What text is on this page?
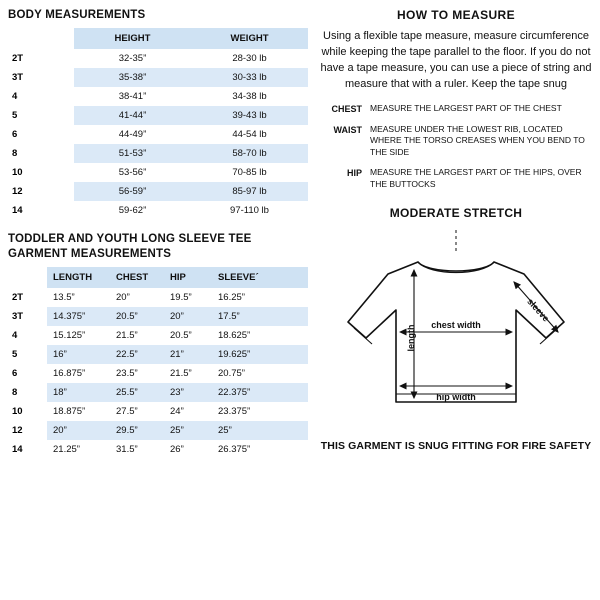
BODY MEASUREMENTS
	HEIGHT	WEIGHT
2T	32-35”	28-30 lb
3T	35-38”	30-33 lb
4	38-41”	34-38 lb
5	41-44”	39-43 lb
6	44-49”	44-54 lb
8	51-53”	58-70 lb
10	53-56”	70-85 lb
12	56-59”	85-97 lb
14	59-62”	97-110 lb
TODDLER AND YOUTH LONG SLEEVE TEE GARMENT MEASUREMENTS
	LENGTH	CHEST	HIP	SLEEVE´
2T	13.5”	20”	19.5”	16.25”
3T	14.375”	20.5”	20”	17.5”
4	15.125”	21.5”	20.5”	18.625”
5	16”	22.5”	21”	19.625”
6	16.875”	23.5”	21.5”	20.75”
8	18”	25.5”	23”	22.375”
10	18.875”	27.5”	24”	23.375”
12	20”	29.5”	25”	25”
14	21.25”	31.5”	26”	26.375”
HOW TO MEASURE
Using a flexible tape measure, measure circumference while keeping the tape parallel to the floor. If you do not have a tape measure, you can use a piece of string and measure that with a ruler. Keep the tape snug
CHEST MEASURE THE LARGEST PART OF THE CHEST
WAIST MEASURE UNDER THE LOWEST RIB, LOCATED WHERE THE TORSO CREASES WHEN YOU BEND TO THE SIDE
HIP MEASURE THE LARGEST PART OF THE HIPS, OVER THE BUTTOCKS
MODERATE STRETCH
sleeve
chest width
length
hip width
THIS GARMENT IS SNUG FITTING FOR FIRE SAFETY
